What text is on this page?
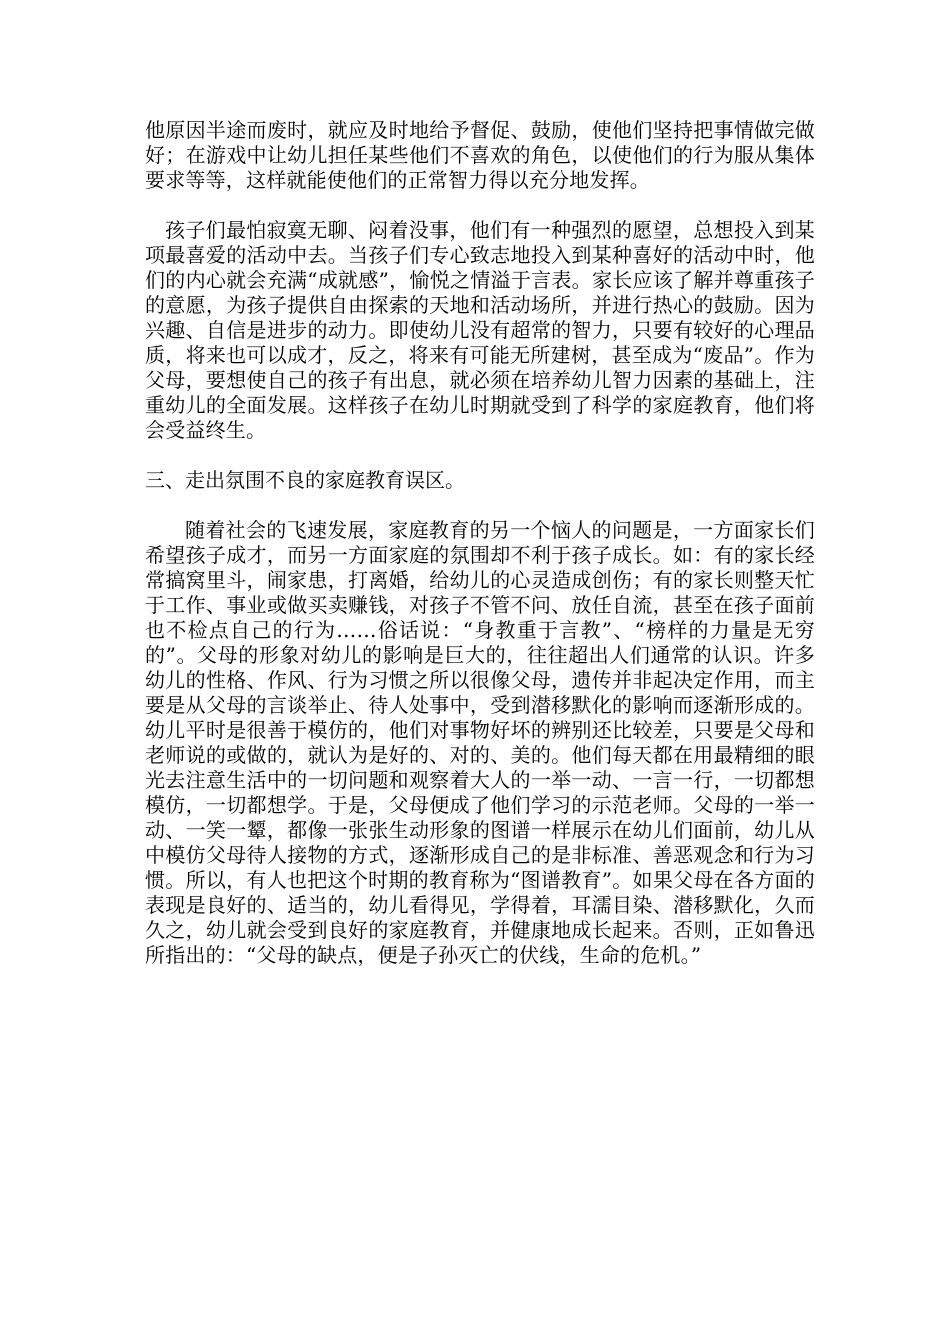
他原因半途而废时，就应及时地给予督促、鼓励，使他们坚持把事情做完做好；在游戏中让幼儿担任某些他们不喜欢的角色，以使他们的行为服从集体要求等等，这样就能使他们的正常智力得以充分地发挥。

孩子们最怕寂寞无聊、闷着没事，他们有一种强烈的愿望，总想投入到某项最喜爱的活动中去。当孩子们专心致志地投入到某种喜好的活动中时，他们的内心就会充满“成就感”，愉悦之情溢于言表。家长应该了解并尊重孩子的意愿，为孩子提供自由探索的天地和活动场所，并进行热心的鼓励。因为兴趣、自信是进步的动力。即使幼儿没有超常的智力，只要有较好的心理品质，将来也可以成才，反之，将来有可能无所建树，甚至成为“废品”。作为父母，要想使自己的孩子有出息，就必须在培养幼儿智力因素的基础上，注重幼儿的全面发展。这样孩子在幼儿时期就受到了科学的家庭教育，他们将会受益终生。

三、走出氛围不良的家庭教育误区。

随着社会的飞速发展，家庭教育的另一个恼人的问题是，一方面家长们希望孩子成才，而另一方面家庭的氛围却不利于孩子成长。如：有的家长经常搞窝里斗，闹家患，打离婚，给幼儿的心灵造成创伤；有的家长则整天忙于工作、事业或做买卖赚钱，对孩子不管不问、放任自流，甚至在孩子面前也不检点自己的行为……俗话说：“身教重于言教”、“榜样的力量是无穷的”。父母的形象对幼儿的影响是巨大的，往往超出人们通常的认识。许多幼儿的性格、作风、行为习惯之所以很像父母，遗传并非起决定作用，而主要是从父母的言谈举止、待人处事中，受到潜移默化的影响而逐渐形成的。幼儿平时是很善于模仿的，他们对事物好坏的辨别还比较差，只要是父母和老师说的或做的，就认为是好的、对的、美的。他们每天都在用最精细的眼光去注意生活中的一切问题和观察着大人的一举一动、一言一行，一切都想模仿，一切都想学。于是，父母便成了他们学习的示范老师。父母的一举一动、一笑一颦，都像一张张生动形象的图谱一样展示在幼儿们面前，幼儿从中模仿父母待人接物的方式，逐渐形成自己的是非标准、善恶观念和行为习惯。所以，有人也把这个时期的教育称为“图谱教育”。如果父母在各方面的表现是良好的、适当的，幼儿看得见，学得着，耳濡目染、潜移默化，久而久之，幼儿就会受到良好的家庭教育，并健康地成长起来。否则，正如鲁迅所指出的：“父母的缺点，便是子孙灭亡的伏线，生命的危机。”
